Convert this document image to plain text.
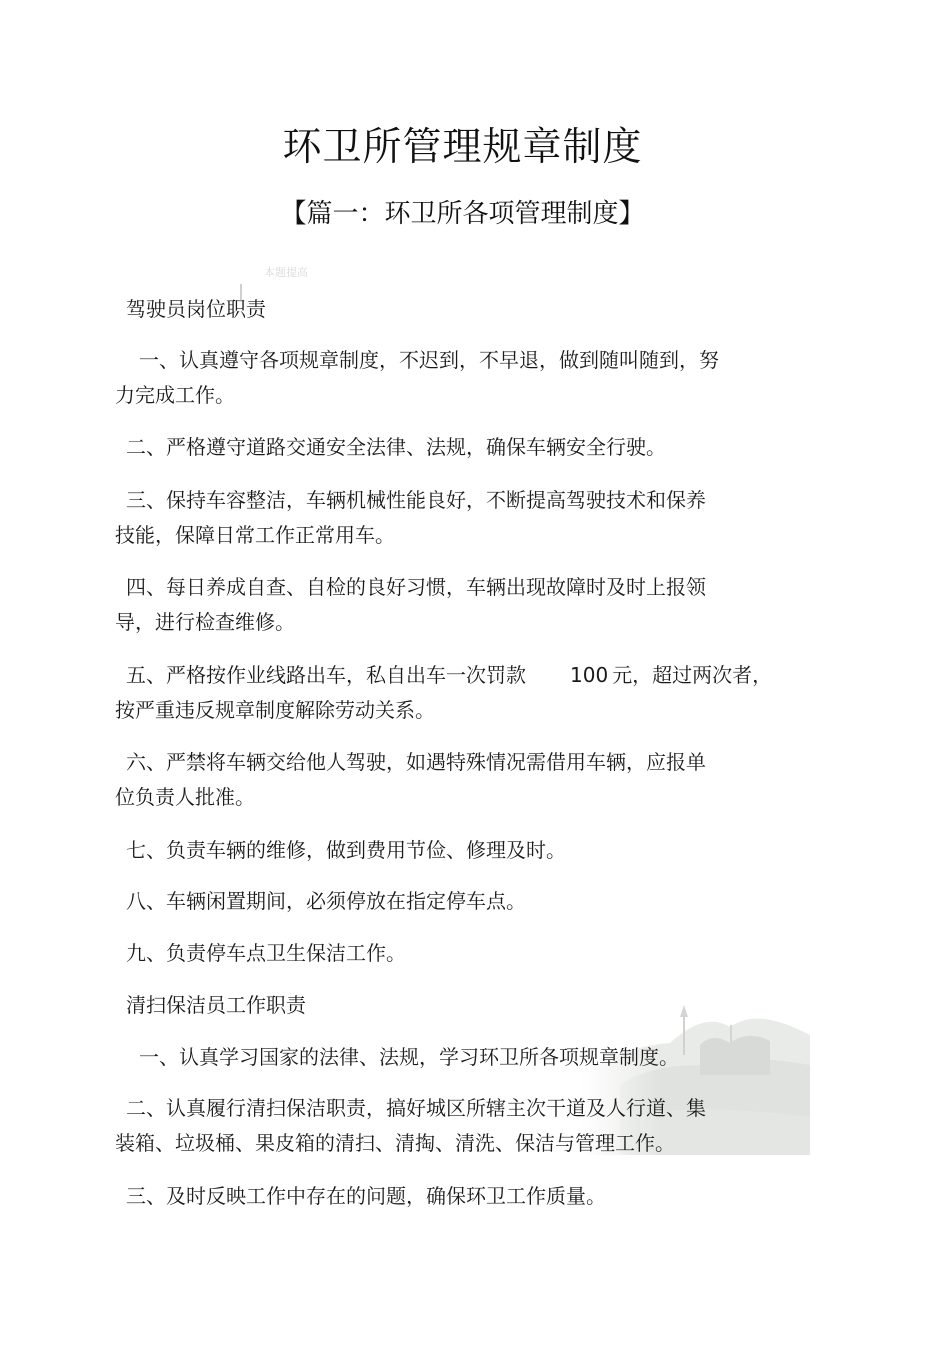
环卫所管理规章制度
【篇一：环卫所各项管理制度】
本题提高
驾驶员岗位职责
一、认真遵守各项规章制度，不迟到，不早退，做到随叫随到，努
力完成工作。
二、严格遵守道路交通安全法律、法规，确保车辆安全行驶。
三、保持车容整洁，车辆机械性能良好，不断提高驾驶技术和保养
技能，保障日常工作正常用车。
四、每日养成自查、自检的良好习惯，车辆出现故障时及时上报领
导，进行检查维修。
五、严格按作业线路出车，私自出车一次罚款 100 元，超过两次者，
按严重违反规章制度解除劳动关系。
六、严禁将车辆交给他人驾驶，如遇特殊情况需借用车辆，应报单
位负责人批准。
七、负责车辆的维修，做到费用节俭、修理及时。
八、车辆闲置期间，必须停放在指定停车点。
九、负责停车点卫生保洁工作。
清扫保洁员工作职责
一、认真学习国家的法律、法规，学习环卫所各项规章制度。
二、认真履行清扫保洁职责，搞好城区所辖主次干道及人行道、集
装箱、垃圾桶、果皮箱的清扫、清掏、清洗、保洁与管理工作。
三、及时反映工作中存在的问题，确保环卫工作质量。
